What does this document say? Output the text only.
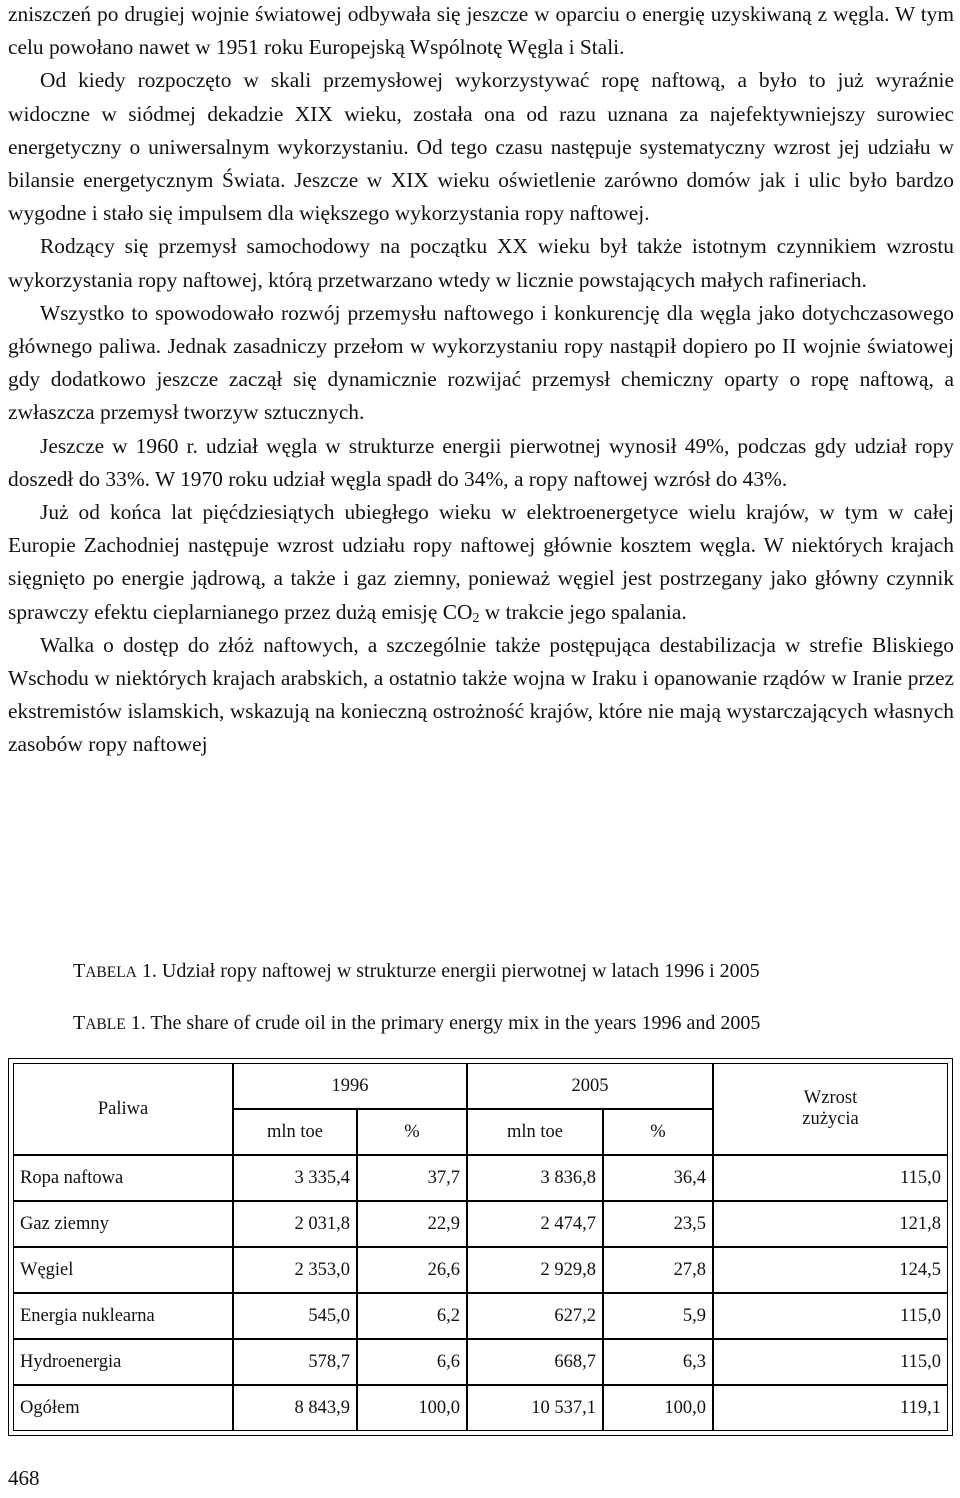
zniszczeń po drugiej wojnie światowej odbywała się jeszcze w oparciu o energię uzyskiwaną z węgla. W tym celu powołano nawet w 1951 roku Europejską Wspólnotę Węgla i Stali.

Od kiedy rozpoczęto w skali przemysłowej wykorzystywać ropę naftową, a było to już wyraźnie widoczne w siódmej dekadzie XIX wieku, została ona od razu uznana za najefektywniejszy surowiec energetyczny o uniwersalnym wykorzystaniu. Od tego czasu następuje systematyczny wzrost jej udziału w bilansie energetycznym Świata. Jeszcze w XIX wieku oświetlenie zarówno domów jak i ulic było bardzo wygodne i stało się impulsem dla większego wykorzystania ropy naftowej.

Rodzący się przemysł samochodowy na początku XX wieku był także istotnym czynnikiem wzrostu wykorzystania ropy naftowej, którą przetwarzano wtedy w licznie powstających małych rafineriach.

Wszystko to spowodowało rozwój przemysłu naftowego i konkurencję dla węgla jako dotychczasowego głównego paliwa. Jednak zasadniczy przełom w wykorzystaniu ropy nastąpił dopiero po II wojnie światowej gdy dodatkowo jeszcze zaczął się dynamicznie rozwijać przemysł chemiczny oparty o ropę naftową, a zwłaszcza przemysł tworzyw sztucznych.

Jeszcze w 1960 r. udział węgla w strukturze energii pierwotnej wynosił 49%, podczas gdy udział ropy doszedł do 33%. W 1970 roku udział węgla spadł do 34%, a ropy naftowej wzrósł do 43%.

Już od końca lat pięćdziesiątych ubiegłego wieku w elektroenergetyce wielu krajów, w tym w całej Europie Zachodniej następuje wzrost udziału ropy naftowej głównie kosztem węgla. W niektórych krajach sięgnięto po energie jądrową, a także i gaz ziemny, ponieważ węgiel jest postrzegany jako główny czynnik sprawczy efektu cieplarnianego przez dużą emisję $CO_2$ w trakcie jego spalania.

Walka o dostęp do złóż naftowych, a szczególnie także postępująca destabilizacja w strefie Bliskiego Wschodu w niektórych krajach arabskich, a ostatnio także wojna w Iraku i opanowanie rządów w Iranie przez ekstremistów islamskich, wskazują na konieczną ostrożność krajów, które nie mają wystarczających własnych zasobów ropy naftowej

TABELA 1. Udział ropy naftowej w strukturze energii pierwotnej w latach 1996 i 2005

TABLE 1. The share of crude oil in the primary energy mix in the years 1996 and 2005

Paliwa	1996		2005		Wzrost
zużycia
	mln toe	%	mln toe	%	
Ropa naftowa	3 335,4	37,7	3 836,8	36,4	115,0
Gaz ziemny	2 031,8	22,9	2 474,7	23,5	121,8
Węgiel	2 353,0	26,6	2 929,8	27,8	124,5
Energia nuklearna	545,0	6,2	627,2	5,9	115,0
Hydroenergia	578,7	6,6	668,7	6,3	115,0
Ogółem	8 843,9	100,0	10 537,1	100,0	119,1
468
